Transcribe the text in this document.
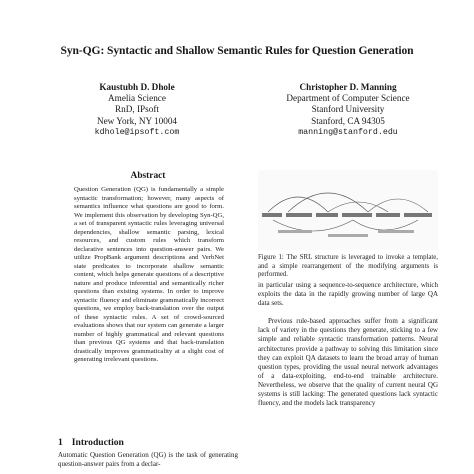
Syn-QG: Syntactic and Shallow Semantic Rules for Question Generation
Kaustubh D. Dhole
Amelia Science
RnD, IPsoft
New York, NY 10004
kdhole@ipsoft.com
Christopher D. Manning
Department of Computer Science
Stanford University
Stanford, CA 94305
manning@stanford.edu
Abstract

Question Generation (QG) is fundamentally a simple syntactic transformation; however, many aspects of semantics influence what questions are good to form. We implement this observation by developing Syn-QG, a set of transparent syntactic rules leveraging universal dependencies, shallow semantic parsing, lexical resources, and custom rules which transform declarative sentences into question-answer pairs. We utilize PropBank argument descriptions and VerbNet state predicates to incorporate shallow semantic content, which helps generate questions of a descriptive nature and produce inferential and semantically richer questions than existing systems. In order to improve syntactic fluency and eliminate grammatically incorrect questions, we employ back-translation over the output of these syntactic rules. A set of crowd-sourced evaluations shows that our system can generate a larger number of highly grammatical and relevant questions than previous QG systems and that back-translation drastically improves grammaticality at a slight cost of generating irrelevant questions.

1 Introduction

Automatic Question Generation (QG) is the task of generating question-answer pairs from a declar-

Figure 1: The SRL structure is leveraged to invoke a template, and a simple rearrangement of the modifying arguments is performed.

in particular using a sequence-to-sequence architecture, which exploits the data in the rapidly growing number of large QA data sets.

Previous rule-based approaches suffer from a significant lack of variety in the questions they generate, sticking to a few simple and reliable syntactic transformation patterns. Neural architectures provide a pathway to solving this limitation since they can exploit QA datasets to learn the broad array of human question types, providing the usual neural network advantages of a data-exploiting, end-to-end trainable architecture. Nevertheless, we observe that the quality of current neural QG systems is still lacking: The generated questions lack syntactic fluency, and the models lack transparency
